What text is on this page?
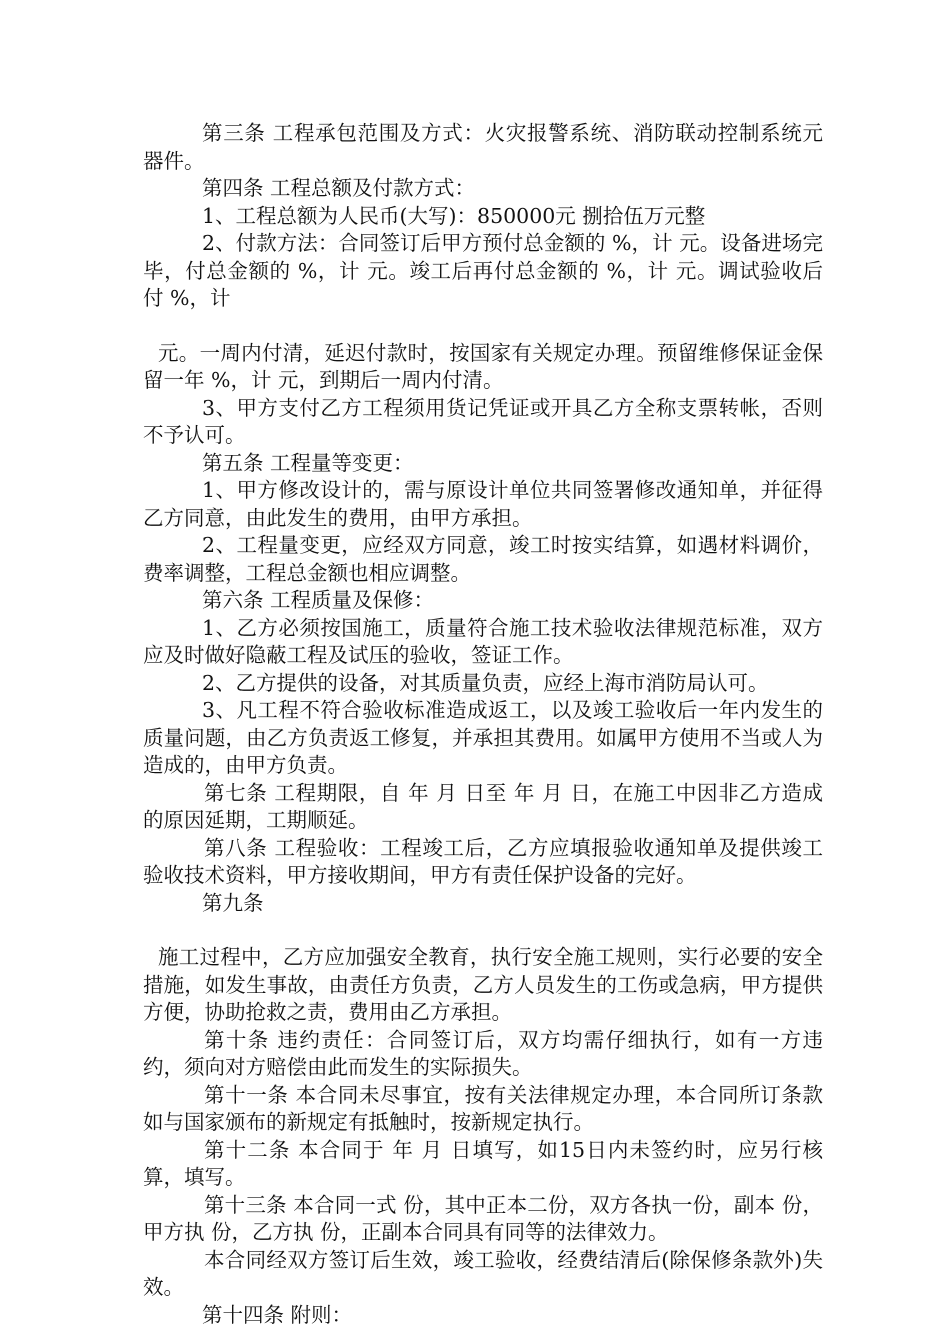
第三条 工程承包范围及方式：火灾报警系统、消防联动控制系统元器件。

第四条 工程总额及付款方式：

1、工程总额为人民币(大写)：850000元 捌拾伍万元整

2、付款方法：合同签订后甲方预付总金额的 %，计 元。设备进场完毕，付总金额的 %，计 元。竣工后再付总金额的 %，计 元。调试验收后付 %，计

元。一周内付清，延迟付款时，按国家有关规定办理。预留维修保证金保留一年 %，计 元，到期后一周内付清。

3、甲方支付乙方工程须用货记凭证或开具乙方全称支票转帐，否则不予认可。

第五条 工程量等变更：

1、甲方修改设计的，需与原设计单位共同签署修改通知单，并征得乙方同意，由此发生的费用，由甲方承担。

2、工程量变更，应经双方同意，竣工时按实结算，如遇材料调价，费率调整，工程总金额也相应调整。

第六条 工程质量及保修：

1、乙方必须按国施工，质量符合施工技术验收法律规范标准，双方应及时做好隐蔽工程及试压的验收，签证工作。

2、乙方提供的设备，对其质量负责，应经上海市消防局认可。

3、凡工程不符合验收标准造成返工，以及竣工验收后一年内发生的质量问题，由乙方负责返工修复，并承担其费用。如属甲方使用不当或人为造成的，由甲方负责。

第七条 工程期限，自 年 月 日至 年 月 日，在施工中因非乙方造成的原因延期，工期顺延。

第八条 工程验收：工程竣工后，乙方应填报验收通知单及提供竣工验收技术资料，甲方接收期间，甲方有责任保护设备的完好。

第九条

施工过程中，乙方应加强安全教育，执行安全施工规则，实行必要的安全措施，如发生事故，由责任方负责，乙方人员发生的工伤或急病，甲方提供方便，协助抢救之责，费用由乙方承担。

第十条 违约责任：合同签订后，双方均需仔细执行，如有一方违约，须向对方赔偿由此而发生的实际损失。

第十一条 本合同未尽事宜，按有关法律规定办理，本合同所订条款如与国家颁布的新规定有抵触时，按新规定执行。

第十二条 本合同于 年 月 日填写，如15日内未签约时，应另行核算，填写。

第十三条 本合同一式 份，其中正本二份，双方各执一份，副本 份，甲方执 份，乙方执 份，正副本合同具有同等的法律效力。

本合同经双方签订后生效，竣工验收，经费结清后(除保修条款外)失效。

第十四条 附则：
